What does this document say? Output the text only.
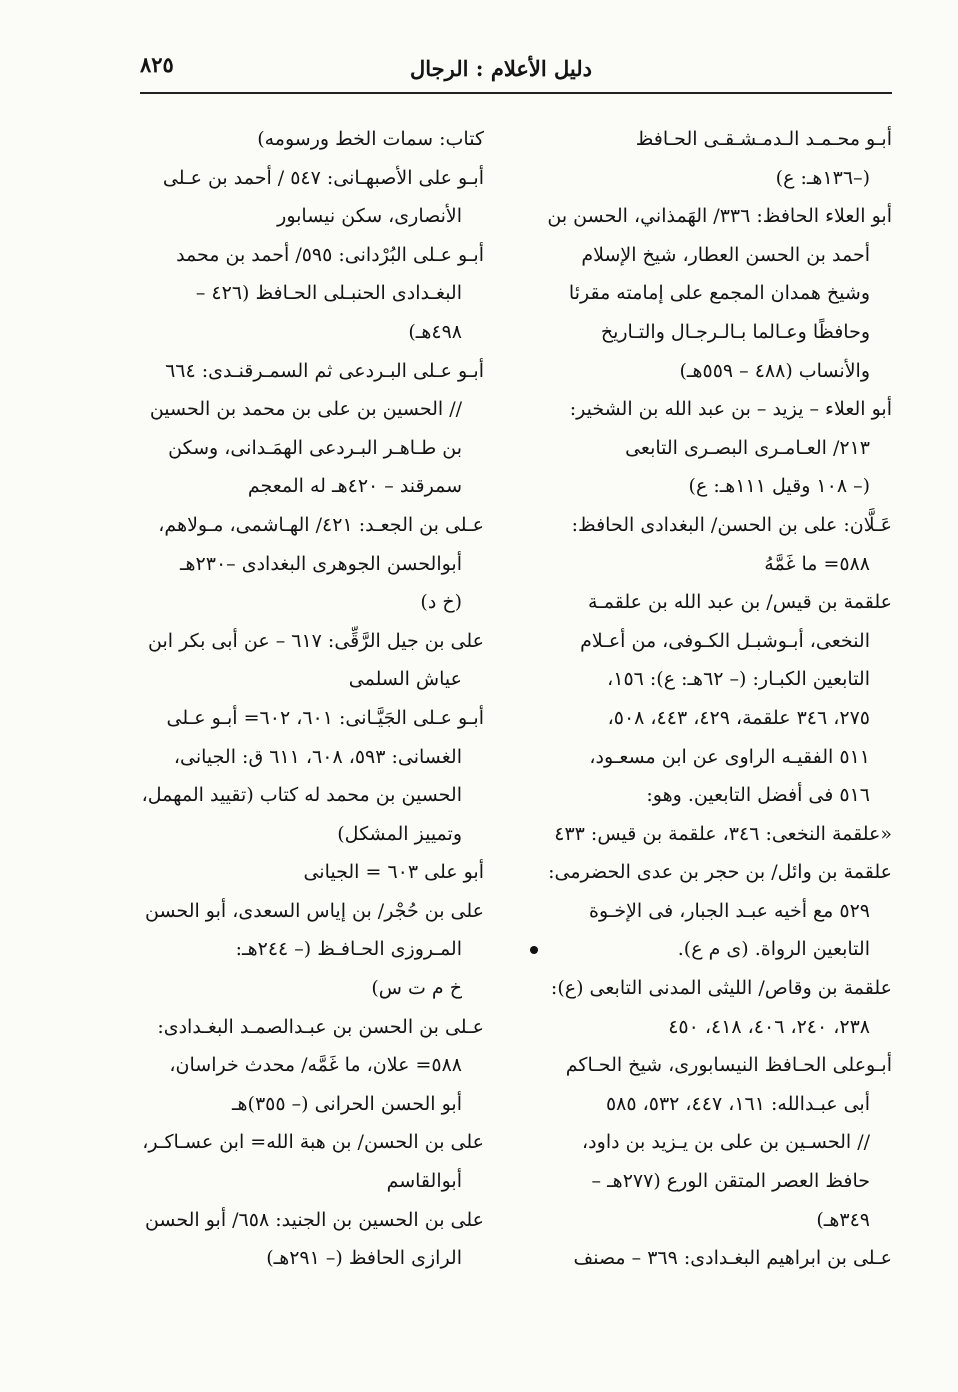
دليل الأعلام : الرجال
٨٢٥
أبـو محـمـد الـدمـشـقـى الحـافظ
(–١٣٦هـ: ع)
أبو العلاء الحافظ: ٣٣٦/ الهَمذاني، الحسن بن
أحمد بن الحسن العطار، شيخ الإسلام
وشيخ همدان المجمع على إمامته مقرئا
وحافظًا وعـالما بـالـرجـال والتـاريخ
والأنساب (٤٨٨ – ٥٥٩هـ)
أبو العلاء – يزيد – بن عبد الله بن الشخير:
٢١٣/ العـامـرى البصـرى التابعى
(– ١٠٨ وقيل ١١١هـ: ع)
عَـلَّان: على بن الحسن/ البغدادى الحافظ:
٥٨٨= ما غَمَّهُ
علقمة بن قيس/ بن عبد الله بن علقمـة
النخعى، أبـوشبـل الكـوفى، من أعـلام
التابعين الكبـار: (– ٦٢هـ: ع): ١٥٦،
٢٧٥، ٣٤٦ علقمة، ٤٢٩، ٤٤٣، ٥٠٨،
٥١١ الفقيـه الراوى عن ابن مسعـود،
٥١٦ فى أفضل التابعين. وهو:
«علقمة النخعى: ٣٤٦، علقمة بن قيس: ٤٣٣
علقمة بن وائل/ بن حجر بن عدى الحضرمى:
٥٢٩ مع أخيه عبـد الجبار، فى الإخـوة
التابعين الرواة. (ى م ع).
علقمة بن وقاص/ الليثى المدنى التابعى (ع):
٢٣٨، ٢٤٠، ٤٠٦، ٤١٨، ٤٥٠
أبـوعلى الحـافظ النيسابورى، شيخ الحـاكم
أبى عبـدالله: ١٦١، ٤٤٧، ٥٣٢، ٥٨٥
// الحسـين بن على بن يـزيد بن داود،
حافظ العصر المتقن الورع (٢٧٧هـ –
٣٤٩هـ)
عـلى بن ابراهيم البغـدادى: ٣٦٩ – مصنف
كتاب: سمات الخط ورسومه)
أبـو على الأصبهـانى: ٥٤٧ / أحمد بن عـلى
الأنصارى، سكن نيسابور
أبـو عـلى البُرْدانى: ٥٩٥/ أحمد بن محمد
البغـدادى الحنبـلى الحـافظ (٤٢٦ –
٤٩٨هـ)
أبـو عـلى البـردعى ثم السمـرقنـدى: ٦٦٤
// الحسين بن على بن محمد بن الحسين
بن طـاهـر البـردعى الهمَـدانى، وسكن
سمرقند – ٤٢٠هـ له المعجم
عـلى بن الجعـد: ٤٢١/ الهـاشمى، مـولاهم،
أبوالحسن الجوهرى البغدادى –٢٣٠هـ
(خ د)
على بن جيل الرَّقِّى: ٦١٧ – عن أبى بكر ابن
عياش السلمى
أبـو عـلى الجَيَّـانى: ٦٠١، ٦٠٢= أبـو عـلى
الغسانى: ٥٩٣، ٦٠٨، ٦١١ ق: الجيانى،
الحسين بن محمد له كتاب (تقييد المهمل،
وتمييز المشكل)
أبو على ٦٠٣ = الجيانى
على بن حُجْر/ بن إياس السعدى، أبو الحسن
المـروزى الحـافـظ (– ٢٤٤هـ:
خ م ت س)
عـلى بن الحسن بن عبـدالصمـد البغـدادى:
٥٨٨= علان، ما غَمَّه/ محدث خراسان،
أبو الحسن الحرانى (– ٣٥٥)هـ
على بن الحسن/ بن هبة الله= ابن عسـاكـر،
أبوالقاسم
على بن الحسين بن الجنيد: ٦٥٨/ أبو الحسن
الرازى الحافظ (– ٢٩١هـ)
